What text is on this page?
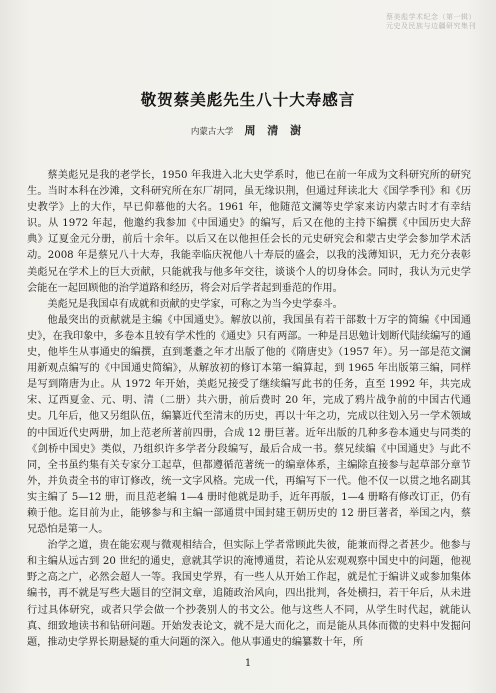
蔡美彪学术纪念（第一辑）
元史及民族与边疆研究集刊
敬贺蔡美彪先生八十大寿感言
内蒙古大学 周 清 澍

蔡美彪兄是我的老学长，1950 年我进入北大史学系时，他已在前一年成为文科研究所的研究生。当时本科在沙滩，文科研究所在东厂胡同，虽无缘识荆，但通过拜读北大《国学季刊》和《历史教学》上的大作，早已仰慕他的大名。1961 年，他随范文澜等史学家来访内蒙古时才有幸结识。从 1972 年起，他邀约我参加《中国通史》的编写，后又在他的主持下编撰《中国历史大辞典》辽夏金元分册，前后十余年。以后又在以他担任会长的元史研究会和蒙古史学会参加学术活动。2008 年是蔡兄八十大寿，我能幸临庆祝他八十寿辰的盛会，以我的浅薄知识，无力充分表彰美彪兄在学术上的巨大贡献，只能就我与他多年交往，谈谈个人的切身体会。同时，我认为元史学会能在一起回顾他的治学道路和经历，将会对后学者起到垂范的作用。

美彪兄是我国卓有成就和贡献的史学家，可称之为当今史学泰斗。

他最突出的贡献就是主编《中国通史》。解放以前，我国虽有若干部数十万字的简编《中国通史》，在我印象中，多卷本且较有学术性的《通史》只有两部。一种是吕思勉计划断代陆续编写的通史，他毕生从事通史的编撰，直到耄耋之年才出版了他的《隋唐史》（1957 年）。另一部是范文澜用新观点编写的《中国通史简编》，从解放初的修订本第一编算起，到 1965 年出版第三编，同样是写到隋唐为止。从 1972 年开始，美彪兄接受了继续编写此书的任务，直至 1992 年，共完成宋、辽西夏金、元、明、清（二册）共六册，前后费时 20 年，完成了鸦片战争前的中国古代通史。几年后，他又另组队伍，编纂近代至清末的历史，再以十年之功，完成以往划入另一学术领域的中国近代史两册，加上范老所著前四册，合成 12 册巨著。近年出版的几种多卷本通史与同类的《剑桥中国史》类似，乃组织许多学者分段编写，最后合成一书。蔡兄续编《中国通史》与此不同，全书虽约集有关专家分工起草，但都遵循范著统一的编章体系，主编除直接参与起草部分章节外，并负责全书的审订修改，统一文字风格。完成一代，再编写下一代。他不仅一以贯之地名副其实主编了 5—12 册，而且范老编 1—4 册时他就是助手，近年再版，1—4 册略有修改订正，仍有赖于他。迄目前为止，能够参与和主编一部通贯中国封建王朝历史的 12 册巨著者，举国之内，蔡兄恐怕是第一人。

治学之道，贵在能宏观与微观相结合，但实际上学者常顾此失彼，能兼而得之者甚少。他参与和主编从远古到 20 世纪的通史，意就其学识的淹博通贯，若论从宏观观察中国史中的问题，他视野之高之广，必然会超人一等。我国史学界，有一些人从开始工作起，就是忙于编讲义或参加集体编书，再不就是写些大题目的空洞文章，追随政治风向，四出批判，各处横扫，若干年后，从未进行过具体研究，或者只学会做一个抄袭别人的书文公。他与这些人不同，从学生时代起，就能认真、细致地读书和钻研问题。开始发表论文，就不是大而化之，而是能从具体而微的史料中发掘问题，推动史学界长期悬疑的重大问题的深入。他从事通史的编纂数十年，所

1
